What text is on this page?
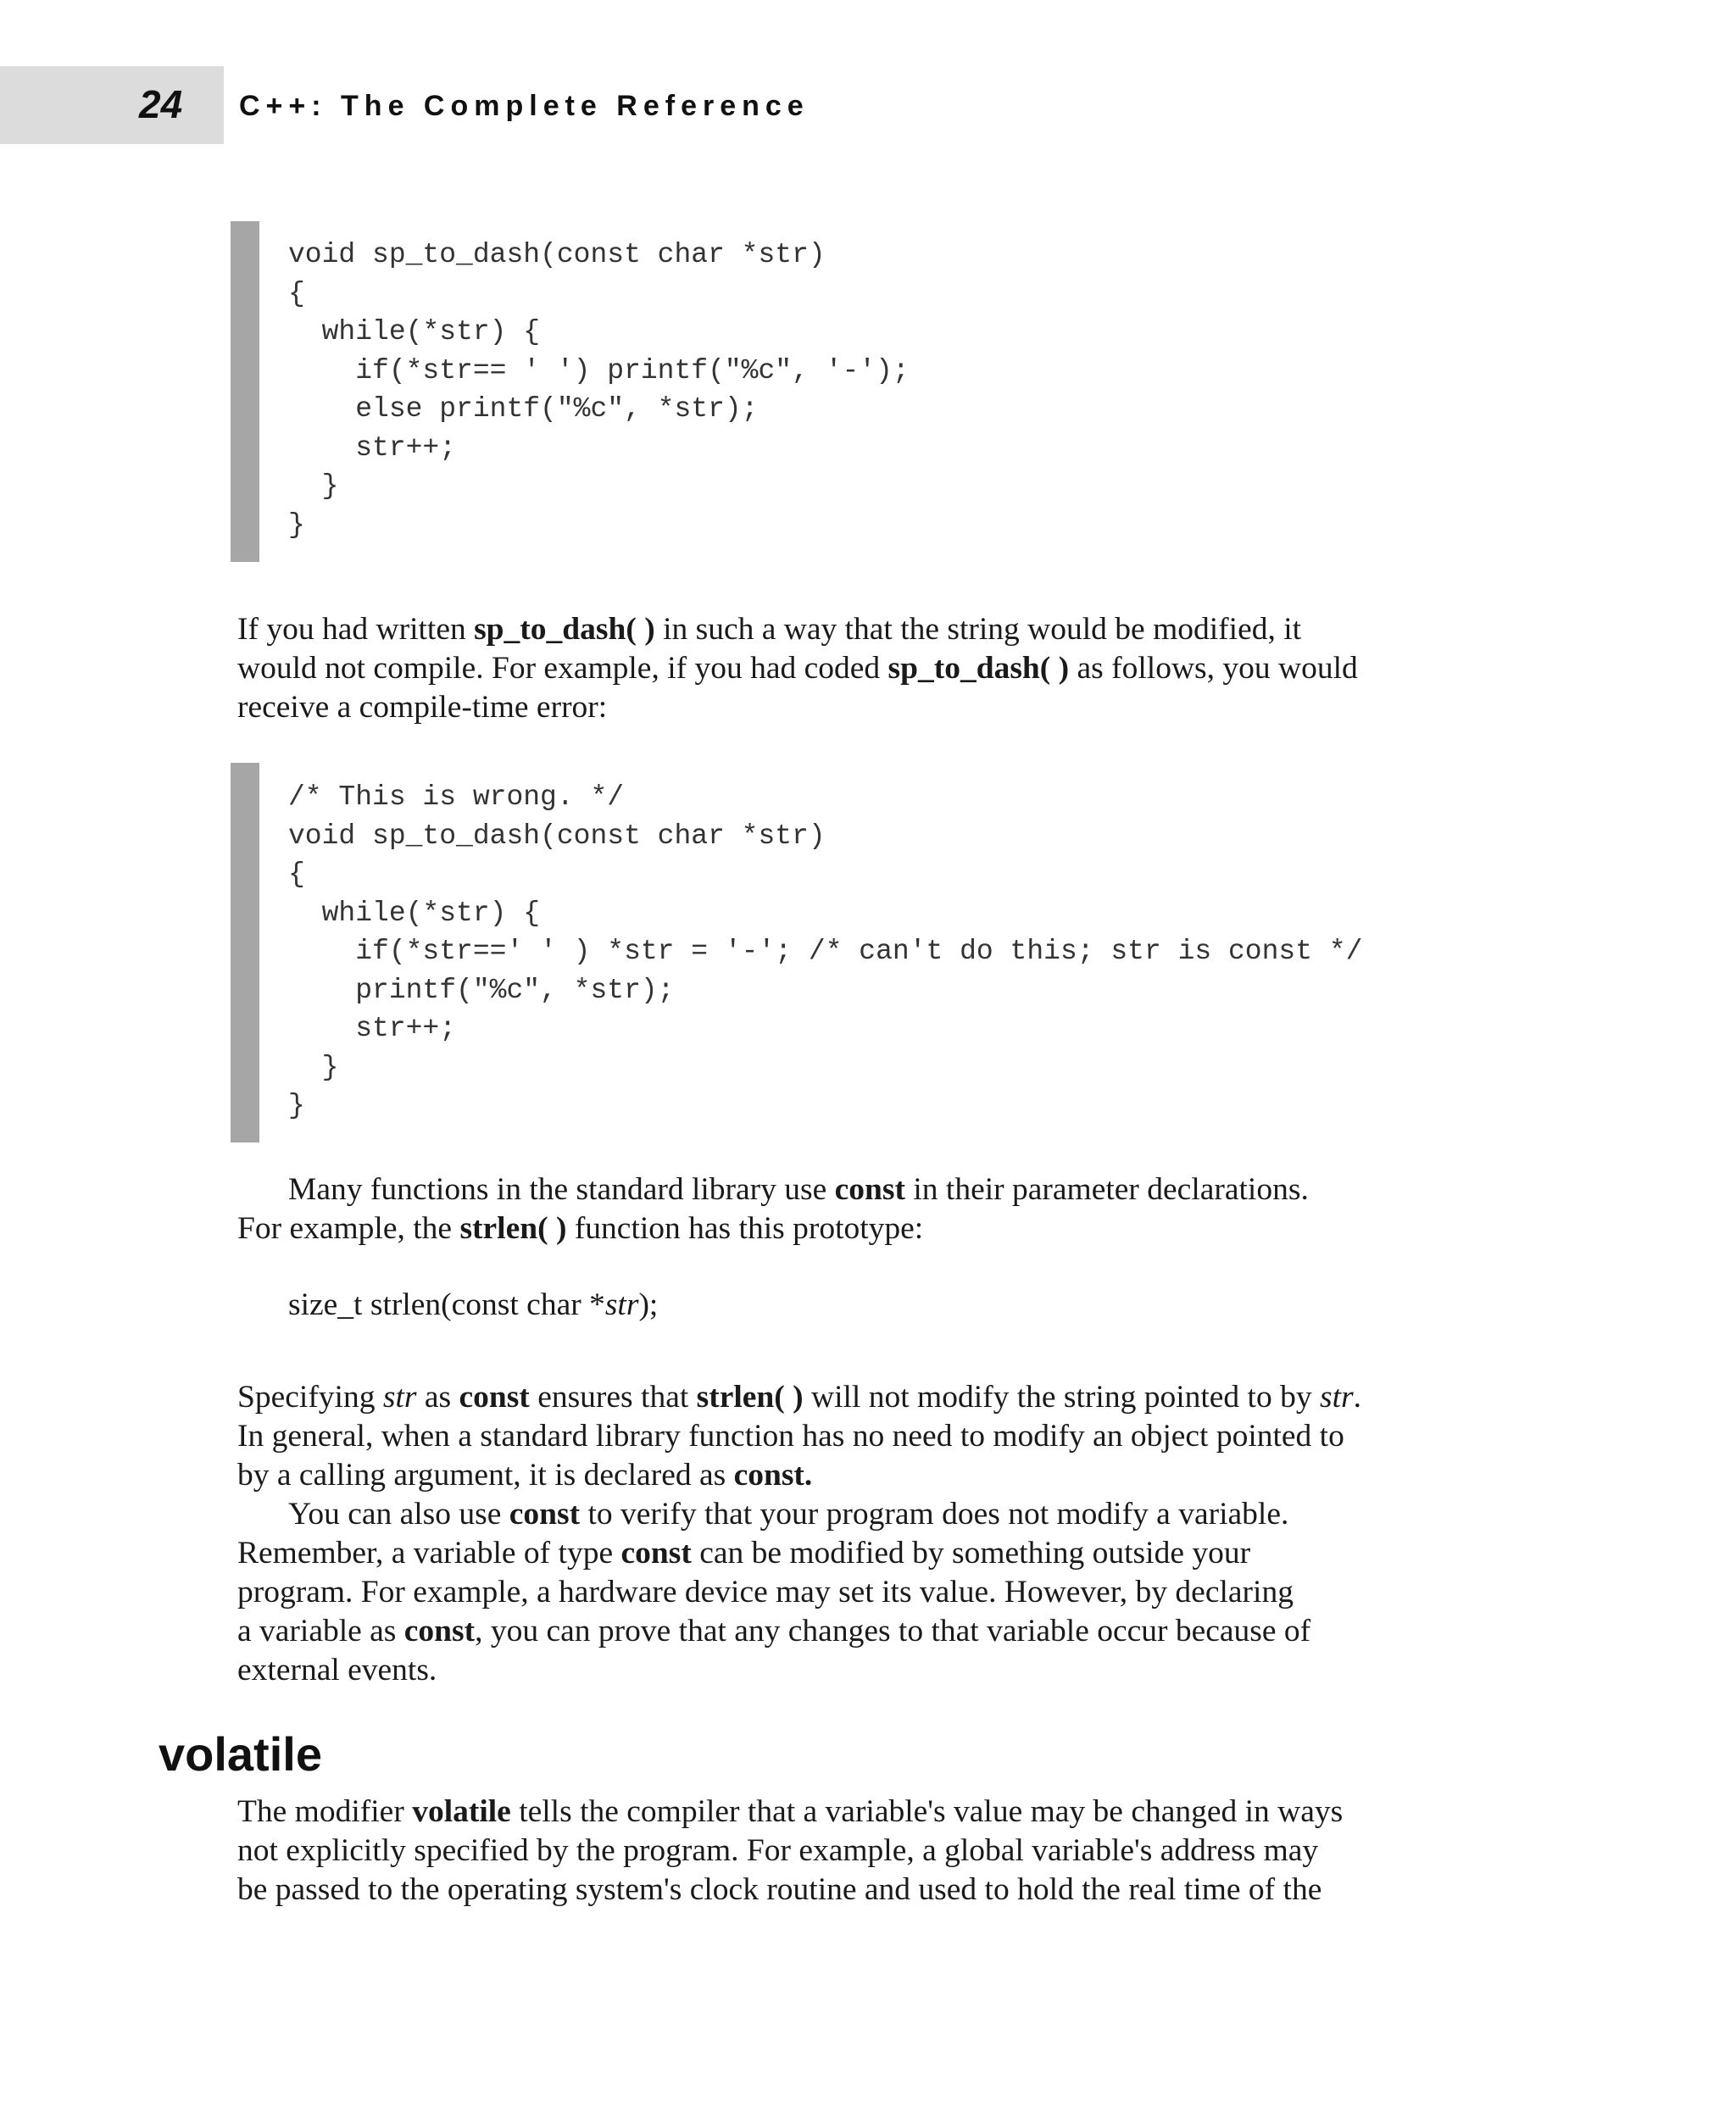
24 C++: The Complete Reference
void sp_to_dash(const char *str)
{
while(*str) {
if(*str== ' ') printf("%c", '-');
else printf("%c", *str);
str++;
}
}

If you had written sp_to_dash( ) in such a way that the string would be modified, it
would not compile. For example, if you had coded sp_to_dash( ) as follows, you would
receive a compile-time error:

/* This is wrong. */
void sp_to_dash(const char *str)
{
while(*str) {
if(*str==' ' ) *str = '-'; /* can't do this; str is const */
printf("%c", *str);
str++;
}
}

Many functions in the standard library use const in their parameter declarations.
For example, the strlen( ) function has this prototype:

size_t strlen(const char *str);

Specifying str as const ensures that strlen( ) will not modify the string pointed to by str.
In general, when a standard library function has no need to modify an object pointed to
by a calling argument, it is declared as const.

You can also use const to verify that your program does not modify a variable.
Remember, a variable of type const can be modified by something outside your
program. For example, a hardware device may set its value. However, by declaring
a variable as const, you can prove that any changes to that variable occur because of
external events.

volatile

The modifier volatile tells the compiler that a variable's value may be changed in ways
not explicitly specified by the program. For example, a global variable's address may
be passed to the operating system's clock routine and used to hold the real time of the
